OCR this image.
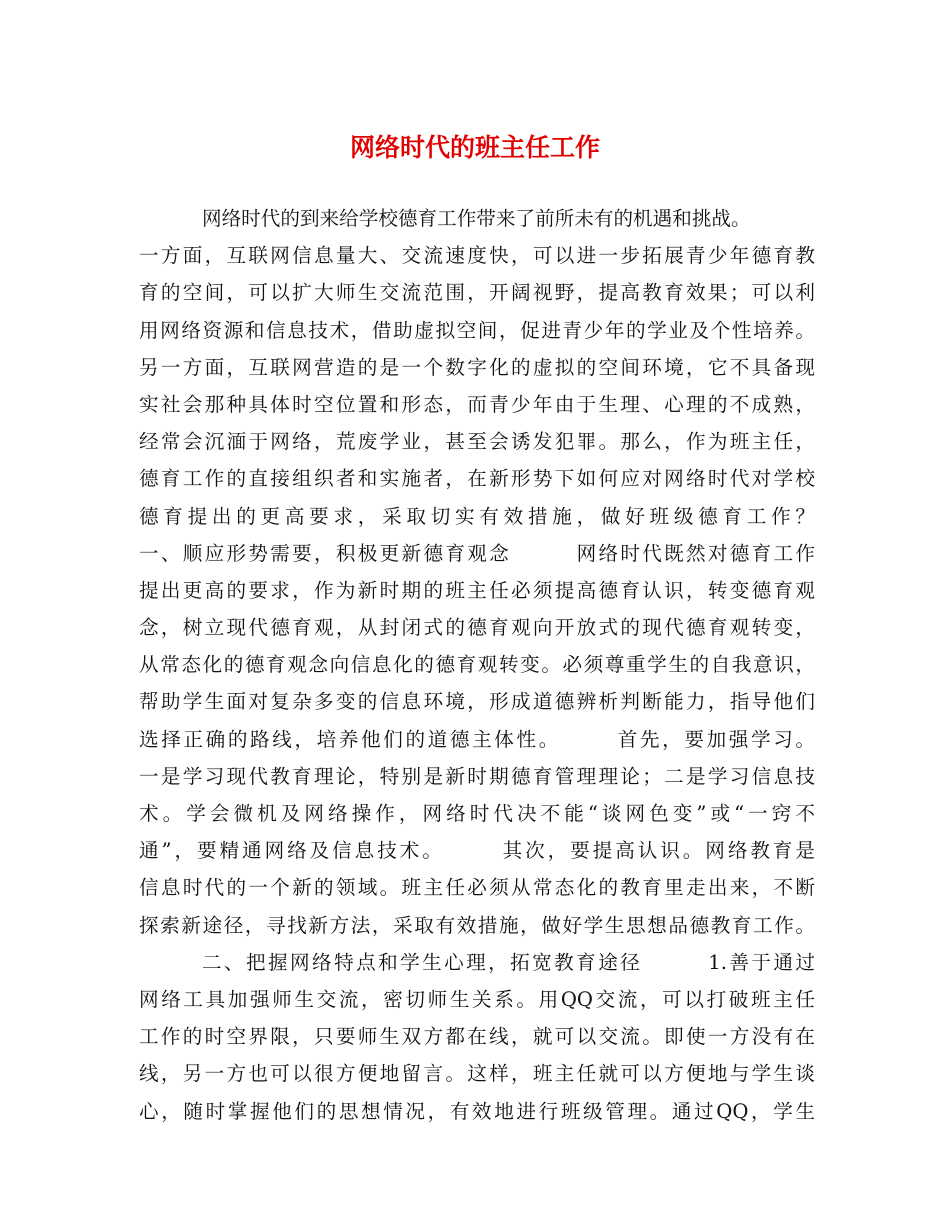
网络时代的班主任工作
网络时代的到来给学校德育工作带来了前所未有的机遇和挑战。
一方面，互联网信息量大、交流速度快，可以进一步拓展青少年德育教
育的空间，可以扩大师生交流范围，开阔视野，提高教育效果；可以利
用网络资源和信息技术，借助虚拟空间，促进青少年的学业及个性培养。
另一方面，互联网营造的是一个数字化的虚拟的空间环境，它不具备现
实社会那种具体时空位置和形态，而青少年由于生理、心理的不成熟，
经常会沉湎于网络，荒废学业，甚至会诱发犯罪。那么，作为班主任，
德育工作的直接组织者和实施者，在新形势下如何应对网络时代对学校
德育提出的更高要求，采取切实有效措施，做好班级德育工作？
一、顺应形势需要，积极更新德育观念　　　网络时代既然对德育工作
提出更高的要求，作为新时期的班主任必须提高德育认识，转变德育观
念，树立现代德育观，从封闭式的德育观向开放式的现代德育观转变，
从常态化的德育观念向信息化的德育观转变。必须尊重学生的自我意识，
帮助学生面对复杂多变的信息环境，形成道德辨析判断能力，指导他们
选择正确的路线，培养他们的道德主体性。　　　首先，要加强学习。
一是学习现代教育理论，特别是新时期德育管理理论；二是学习信息技
术。学会微机及网络操作，网络时代决不能“谈网色变”或“一窍不
通”，要精通网络及信息技术。　　　其次，要提高认识。网络教育是
信息时代的一个新的领域。班主任必须从常态化的教育里走出来，不断
探索新途径，寻找新方法，采取有效措施，做好学生思想品德教育工作。
二、把握网络特点和学生心理，拓宽教育途径　　　1.善于通过
网络工具加强师生交流，密切师生关系。用QQ交流，可以打破班主任
工作的时空界限，只要师生双方都在线，就可以交流。即使一方没有在
线，另一方也可以很方便地留言。这样，班主任就可以方便地与学生谈
心，随时掌握他们的思想情况，有效地进行班级管理。通过QQ，学生
